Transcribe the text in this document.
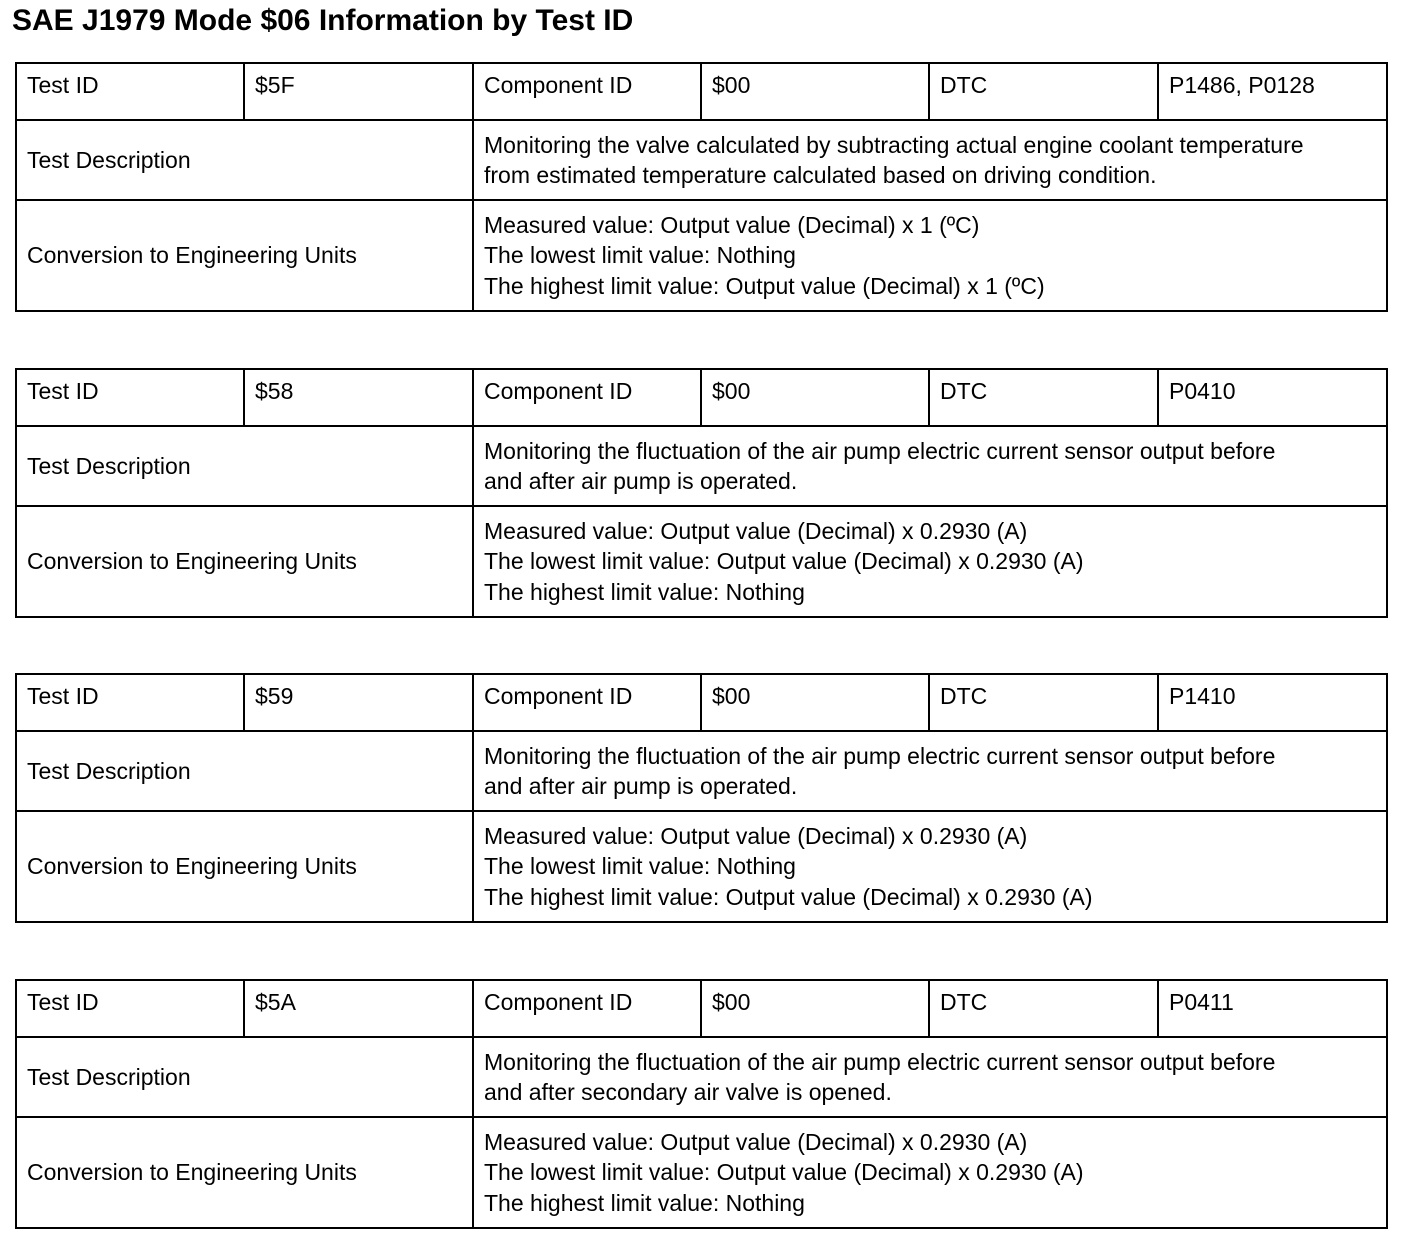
SAE J1979 Mode $06 Information by Test ID
Test ID	$5F	Component ID	$00	DTC	P1486, P0128
Test Description		Monitoring the valve calculated by subtracting actual engine coolant temperature
from estimated temperature calculated based on driving condition.			

Conversion to Engineering Units		Measured value: Output value (Decimal) x 1 (ºC)
The lowest limit value: Nothing
The highest limit value: Output value (Decimal) x 1 (ºC)			
Test ID	$58	Component ID	$00	DTC	P0410
Test Description		Monitoring the fluctuation of the air pump electric current sensor output before
and after air pump is operated.			

Conversion to Engineering Units		Measured value: Output value (Decimal) x 0.2930 (A)
The lowest limit value: Output value (Decimal) x 0.2930 (A)
The highest limit value: Nothing			
Test ID	$59	Component ID	$00	DTC	P1410
Test Description		Monitoring the fluctuation of the air pump electric current sensor output before
and after air pump is operated.			

Conversion to Engineering Units		Measured value: Output value (Decimal) x 0.2930 (A)
The lowest limit value: Nothing
The highest limit value: Output value (Decimal) x 0.2930 (A)			
Test ID	$5A	Component ID	$00	DTC	P0411
Test Description		Monitoring the fluctuation of the air pump electric current sensor output before
and after secondary air valve is opened.			

Conversion to Engineering Units		Measured value: Output value (Decimal) x 0.2930 (A)
The lowest limit value: Output value (Decimal) x 0.2930 (A)
The highest limit value: Nothing			
